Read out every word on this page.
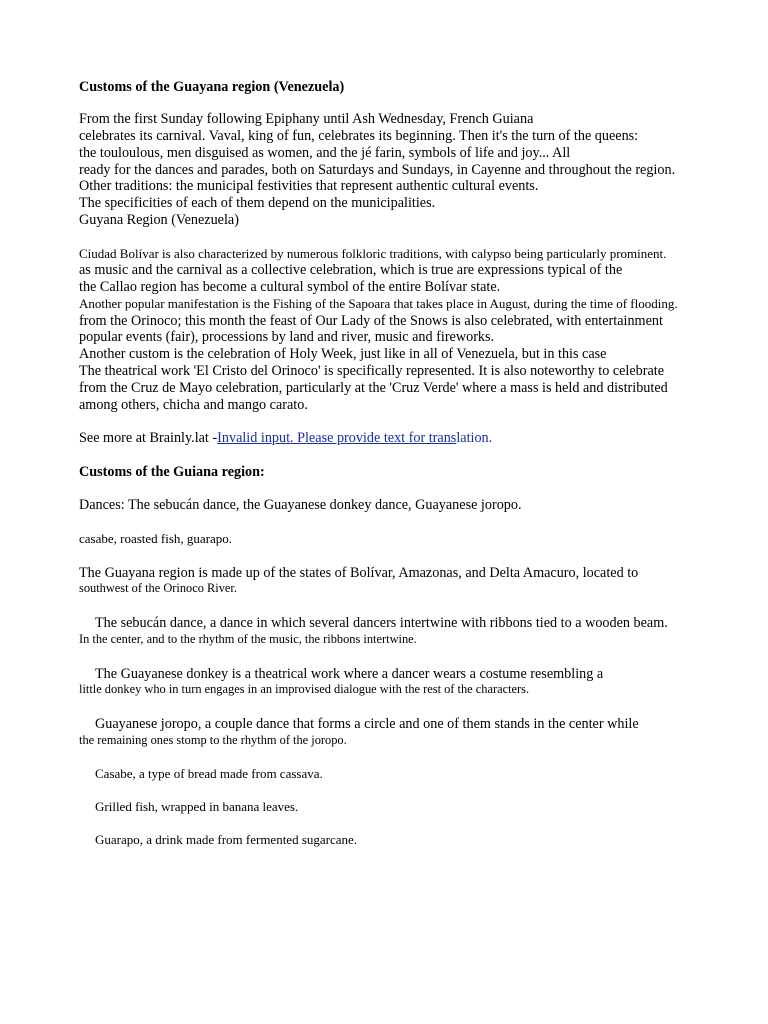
Customs of the Guayana region (Venezuela)
From the first Sunday following Epiphany until Ash Wednesday, French Guiana
celebrates its carnival. Vaval, king of fun, celebrates its beginning. Then it's the turn of the queens:
the touloulous, men disguised as women, and the jé farin, symbols of life and joy... All
ready for the dances and parades, both on Saturdays and Sundays, in Cayenne and throughout the region.
Other traditions: the municipal festivities that represent authentic cultural events.
The specificities of each of them depend on the municipalities.
Guyana Region (Venezuela)
Ciudad Bolívar is also characterized by numerous folkloric traditions, with calypso being particularly prominent.
as music and the carnival as a collective celebration, which is true are expressions typical of the
the Callao region has become a cultural symbol of the entire Bolívar state.
Another popular manifestation is the Fishing of the Sapoara that takes place in August, during the time of flooding.
from the Orinoco; this month the feast of Our Lady of the Snows is also celebrated, with entertainment
popular events (fair), processions by land and river, music and fireworks.
Another custom is the celebration of Holy Week, just like in all of Venezuela, but in this case
The theatrical work 'El Cristo del Orinoco' is specifically represented. It is also noteworthy to celebrate
from the Cruz de Mayo celebration, particularly at the 'Cruz Verde' where a mass is held and distributed
among others, chicha and mango carato.
See more at Brainly.lat -Invalid input. Please provide text for translation.
Customs of the Guiana region:
Dances: The sebucán dance, the Guayanese donkey dance, Guayanese joropo.
casabe, roasted fish, guarapo.
The Guayana region is made up of the states of Bolívar, Amazonas, and Delta Amacuro, located to
southwest of the Orinoco River.
The sebucán dance, a dance in which several dancers intertwine with ribbons tied to a wooden beam.
In the center, and to the rhythm of the music, the ribbons intertwine.
The Guayanese donkey is a theatrical work where a dancer wears a costume resembling a
little donkey who in turn engages in an improvised dialogue with the rest of the characters.
Guayanese joropo, a couple dance that forms a circle and one of them stands in the center while
the remaining ones stomp to the rhythm of the joropo.
Casabe, a type of bread made from cassava.
Grilled fish, wrapped in banana leaves.
Guarapo, a drink made from fermented sugarcane.
